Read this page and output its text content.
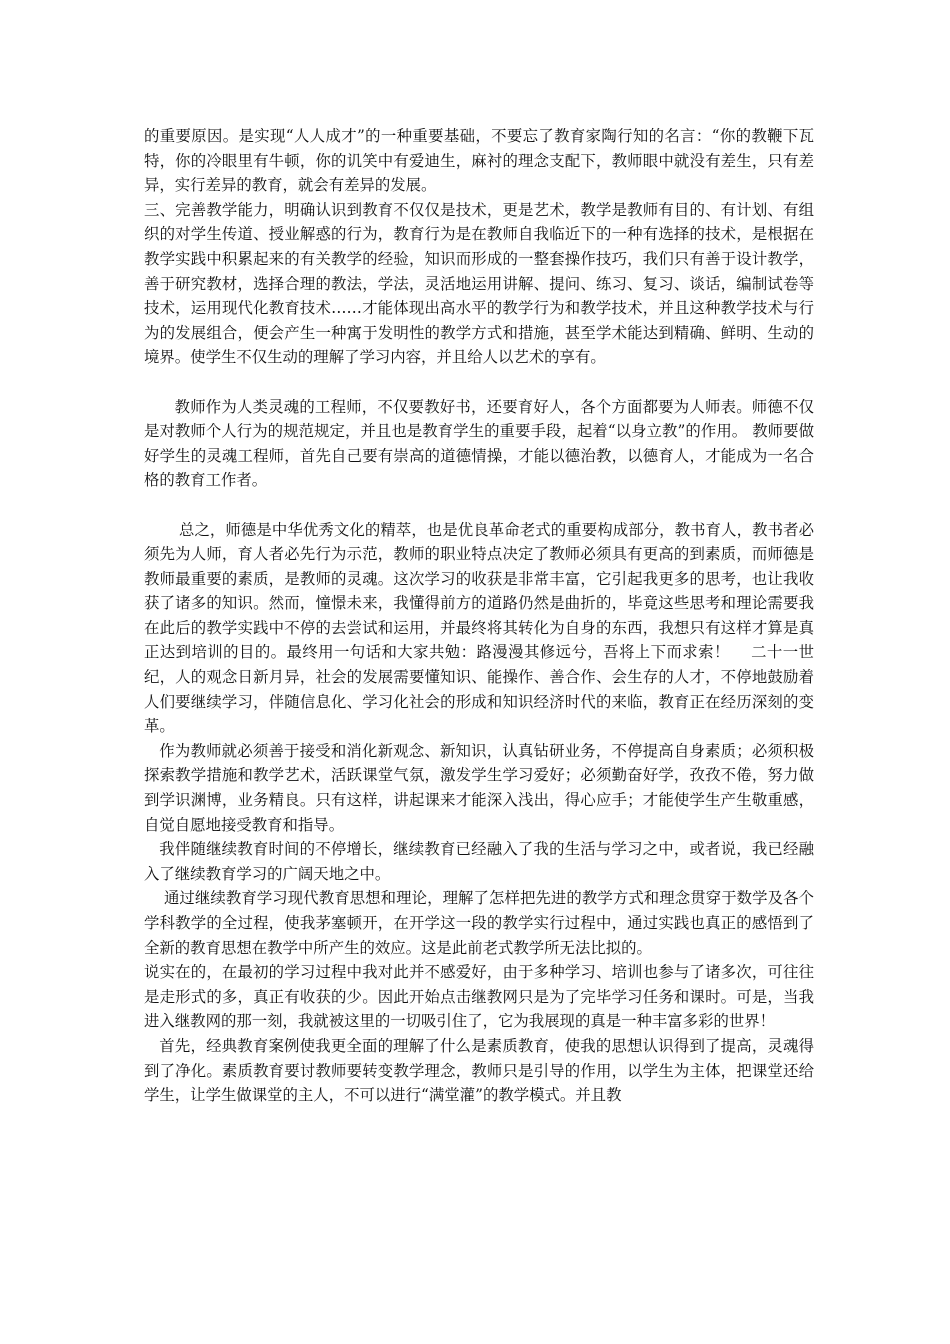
的重要原因。是实现“人人成才”的一种重要基础，不要忘了教育家陶行知的名言：“你的教鞭下瓦特，你的冷眼里有牛顿，你的讥笑中有爱迪生，麻衬的理念支配下，教师眼中就没有差生，只有差异，实行差异的教育，就会有差异的发展。

三、完善教学能力，明确认识到教育不仅仅是技术，更是艺术，教学是教师有目的、有计划、有组织的对学生传道、授业解惑的行为，教育行为是在教师自我临近下的一种有选择的技术，是根据在教学实践中积累起来的有关教学的经验，知识而形成的一整套操作技巧，我们只有善于设计教学，善于研究教材，选择合理的教法，学法，灵活地运用讲解、提问、练习、复习、谈话，编制试卷等技术，运用现代化教育技术……才能体现出高水平的教学行为和教学技术，并且这种教学技术与行为的发展组合，便会产生一种寓于发明性的教学方式和措施，甚至学术能达到精确、鲜明、生动的境界。使学生不仅生动的理解了学习内容，并且给人以艺术的享有。

教师作为人类灵魂的工程师，不仅要教好书，还要育好人，各个方面都要为人师表。师德不仅是对教师个人行为的规范规定，并且也是教育学生的重要手段，起着“以身立教”的作用。 教师要做好学生的灵魂工程师，首先自己要有崇高的道德情操，才能以德治教，以德育人，才能成为一名合格的教育工作者。

总之，师德是中华优秀文化的精萃，也是优良革命老式的重要构成部分，教书育人，教书者必须先为人师，育人者必先行为示范，教师的职业特点决定了教师必须具有更高的到素质，而师德是教师最重要的素质，是教师的灵魂。这次学习的收获是非常丰富，它引起我更多的思考，也让我收获了诸多的知识。然而，憧憬未来，我懂得前方的道路仍然是曲折的，毕竟这些思考和理论需要我在此后的教学实践中不停的去尝试和运用，并最终将其转化为自身的东西，我想只有这样才算是真正达到培训的目的。最终用一句话和大家共勉：路漫漫其修远兮，吾将上下而求索！    二十一世纪，人的观念日新月异，社会的发展需要懂知识、能操作、善合作、会生存的人才，不停地鼓励着人们要继续学习，伴随信息化、学习化社会的形成和知识经济时代的来临，教育正在经历深刻的变革。

作为教师就必须善于接受和消化新观念、新知识，认真钻研业务，不停提高自身素质；必须积极探索教学措施和教学艺术，活跃课堂气氛，激发学生学习爱好；必须勤奋好学，孜孜不倦，努力做到学识渊博，业务精良。只有这样，讲起课来才能深入浅出，得心应手；才能使学生产生敬重感，自觉自愿地接受教育和指导。

我伴随继续教育时间的不停增长，继续教育已经融入了我的生活与学习之中，或者说，我已经融入了继续教育学习的广阔天地之中。

通过继续教育学习现代教育思想和理论，理解了怎样把先进的教学方式和理念贯穿于数学及各个学科教学的全过程，使我茅塞顿开，在开学这一段的教学实行过程中，通过实践也真正的感悟到了全新的教育思想在教学中所产生的效应。这是此前老式教学所无法比拟的。

说实在的，在最初的学习过程中我对此并不感爱好，由于多种学习、培训也参与了诸多次，可往往是走形式的多，真正有收获的少。因此开始点击继教网只是为了完毕学习任务和课时。可是，当我进入继教网的那一刻，我就被这里的一切吸引住了，它为我展现的真是一种丰富多彩的世界！

首先，经典教育案例使我更全面的理解了什么是素质教育，使我的思想认识得到了提高，灵魂得到了净化。素质教育要讨教师要转变教学理念，教师只是引导的作用，以学生为主体，把课堂还给学生，让学生做课堂的主人，不可以进行“满堂灌”的教学模式。并且教
